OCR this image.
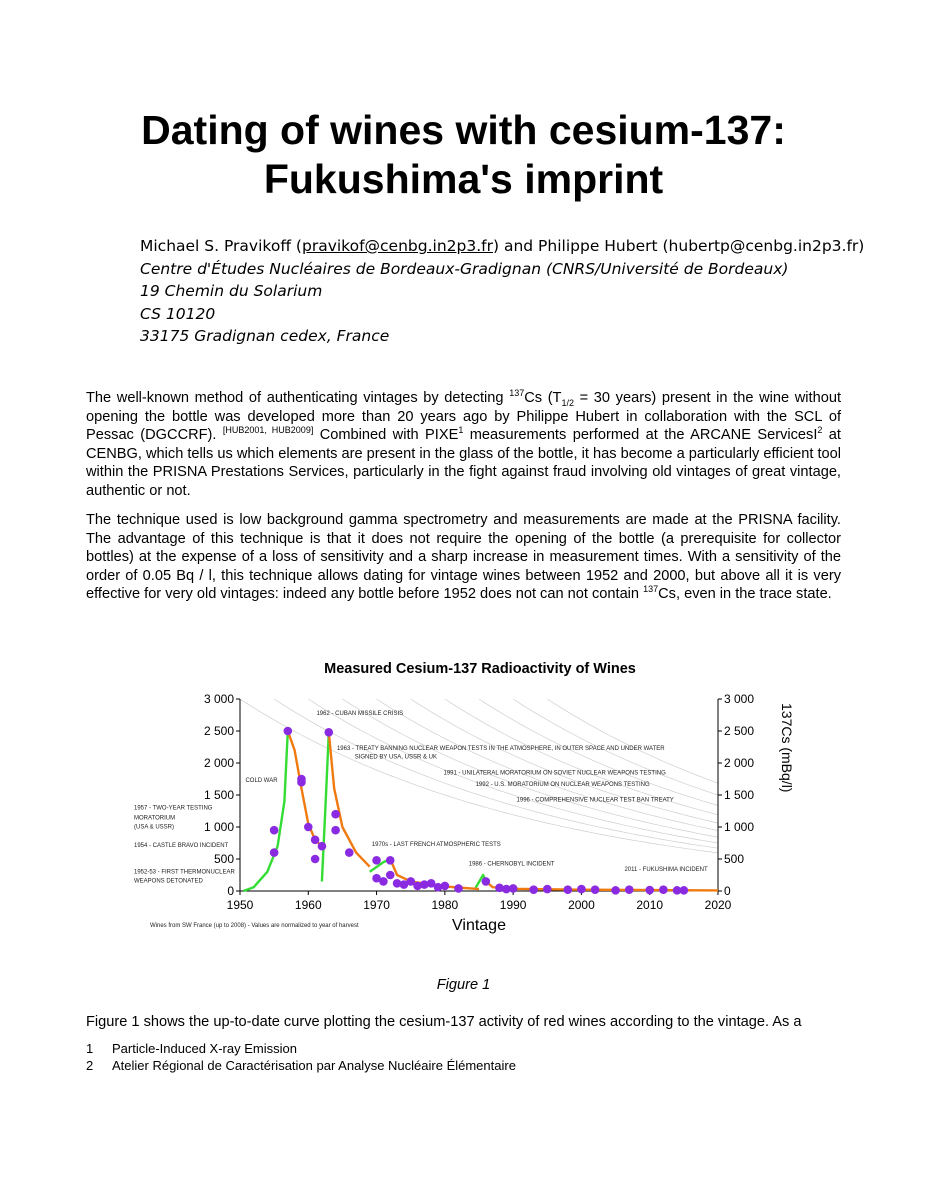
Dating of wines with cesium-137:
Fukushima's imprint
Michael S. Pravikoff (pravikof@cenbg.in2p3.fr) and Philippe Hubert (hubertp@cenbg.in2p3.fr)
Centre d'Études Nucléaires de Bordeaux-Gradignan (CNRS/Université de Bordeaux)
19 Chemin du Solarium
CS 10120
33175 Gradignan cedex, France

The well-known method of authenticating vintages by detecting $^{137}$Cs ($T_{1/2} = 30$ years) present in the wine without opening the bottle was developed more than 20 years ago by Philippe Hubert in collaboration with the SCL of Pessac (DGCCRF). [HUB2001, HUB2009] Combined with PIXE$^1$ measurements performed at the ARCANE ServicesI$^2$ at CENBG, which tells us which elements are present in the glass of the bottle, it has become a particularly efficient tool within the PRISNA Prestations Services, particularly in the fight against fraud involving old vintages of great vintage, authentic or not.

The technique used is low background gamma spectrometry and measurements are made at the PRISNA facility. The advantage of this technique is that it does not require the opening of the bottle (a prerequisite for collector bottles) at the expense of a loss of sensitivity and a sharp increase in measurement times. With a sensitivity of the order of 0.05 Bq / l, this technique allows dating for vintage wines between 1952 and 2000, but above all it is very effective for very old vintages: indeed any bottle before 1952 does not can not contain $^{137}$Cs, even in the trace state.

Measured Cesium-137 Radioactivity of Wines
0	0
500	500
1 000	1 000
1 500	1 500
2 000	2 000
2 500	2 500
3 000	3 000
1950	1960	1970	1980	1990	2000	2010	2020
Vintage
137Cs (mBq/l)
1962 - CUBAN MISSILE CRISIS
1963 - TREATY BANNING NUCLEAR WEAPON TESTS IN THE ATMOSPHERE, IN OUTER SPACE AND UNDER WATER
SIGNED BY USA, USSR & UK
1991 - UNILATERAL MORATORIUM ON SOVIET NUCLEAR WEAPONS TESTING
1992 - U.S. MORATORIUM ON NUCLEAR WEAPONS TESTING
1996 - COMPREHENSIVE NUCLEAR TEST BAN TREATY
COLD WAR
1970s - LAST FRENCH ATMOSPHERIC TESTS
1986 - CHERNOBYL INCIDENT
2011 - FUKUSHIMA INCIDENT
1957 - TWO-YEAR TESTING
MORATORIUM
(USA & USSR)
1954 - CASTLE BRAVO INCIDENT
1952-53 - FIRST THERMONUCLEAR
WEAPONS DETONATED
Wines from SW France (up to 2008) - Values are normalized to year of harvest
Figure 1

Figure 1 shows the up-to-date curve plotting the cesium-137 activity of red wines according to the vintage. As a

1 Particle-Induced X-ray Emission
2 Atelier Régional de Caractérisation par Analyse Nucléaire Élémentaire
